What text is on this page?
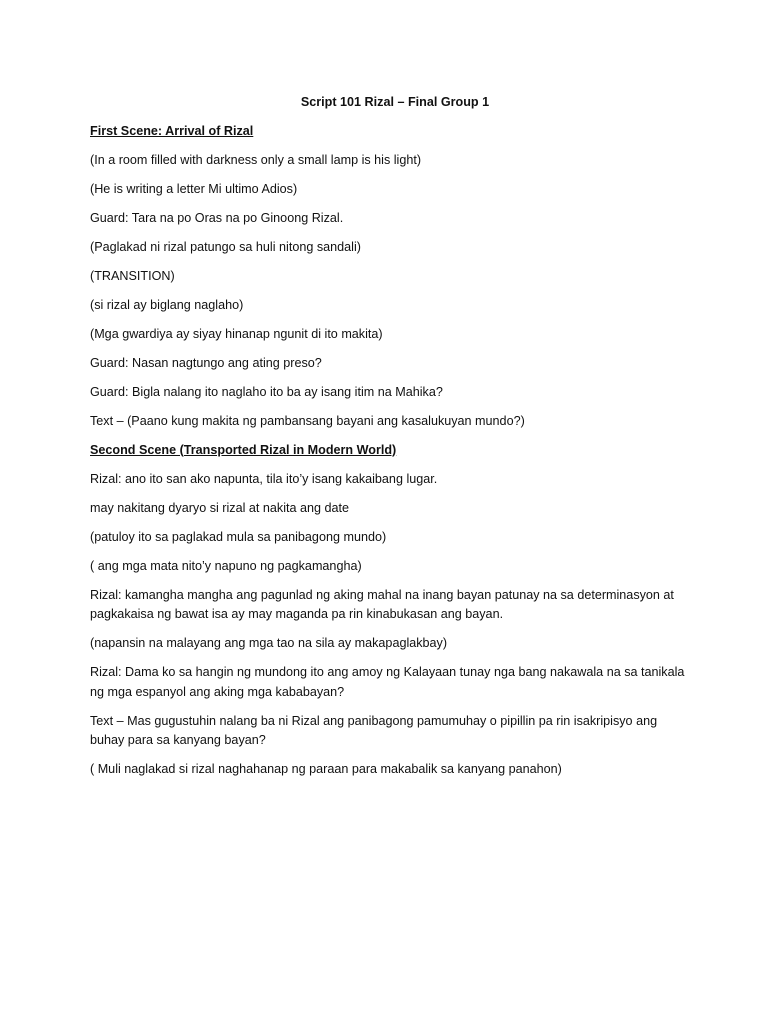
Script 101 Rizal – Final Group 1
First Scene: Arrival of Rizal
(In a room filled with darkness only a small lamp is his light)
(He is writing a letter Mi ultimo Adios)
Guard: Tara na po Oras na po Ginoong Rizal.
(Paglakad ni rizal patungo sa huli nitong sandali)
(TRANSITION)
(si rizal ay biglang naglaho)
(Mga gwardiya ay siyay hinanap ngunit di ito makita)
Guard: Nasan nagtungo ang ating preso?
Guard: Bigla nalang ito naglaho ito ba ay isang itim na Mahika?
Text – (Paano kung makita ng pambansang bayani ang kasalukuyan mundo?)
Second Scene (Transported Rizal in Modern World)
Rizal: ano ito san ako napunta, tila ito’y isang kakaibang lugar.
may nakitang dyaryo si rizal at nakita ang date
(patuloy ito sa paglakad mula sa panibagong mundo)
( ang mga mata nito’y napuno ng pagkamangha)
Rizal: kamangha mangha ang pagunlad ng aking mahal na inang bayan patunay na sa determinasyon at pagkakaisa ng bawat isa ay may maganda pa rin kinabukasan ang bayan.
(napansin na malayang ang mga tao na sila ay makapaglakbay)
Rizal: Dama ko sa hangin ng mundong ito ang amoy ng Kalayaan tunay nga bang nakawala na sa tanikala ng mga espanyol ang aking mga kababayan?
Text – Mas gugustuhin nalang ba ni Rizal ang panibagong pamumuhay o pipillin pa rin isakripisyo ang buhay para sa kanyang bayan?
( Muli naglakad si rizal naghahanap ng paraan para makabalik sa kanyang panahon)
